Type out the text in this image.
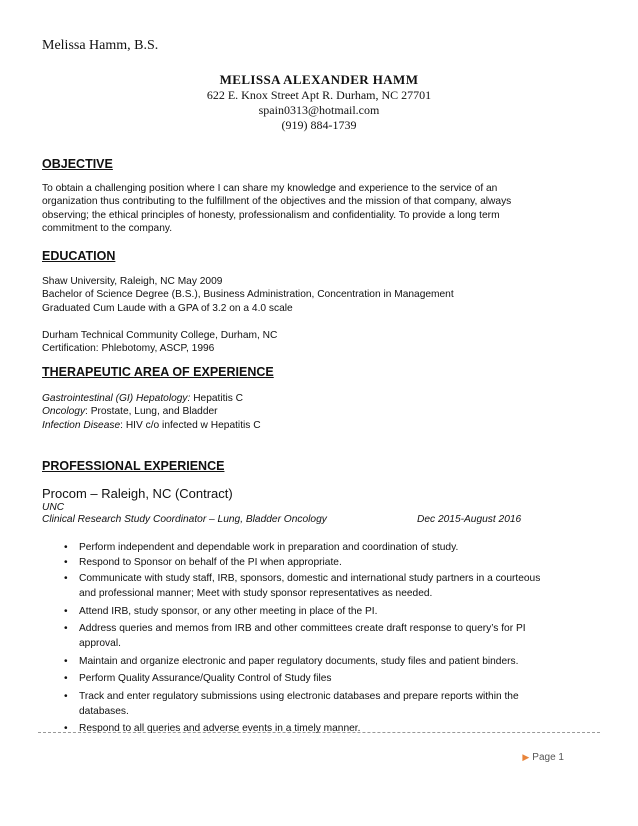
Melissa Hamm, B.S.
MELISSA ALEXANDER HAMM
622 E. Knox Street Apt R. Durham, NC 27701
spain0313@hotmail.com
(919) 884-1739

OBJECTIVE

To obtain a challenging position where I can share my knowledge and experience to the service of an
organization thus contributing to the fulfillment of the objectives and the mission of that company, always
observing; the ethical principles of honesty, professionalism and confidentiality. To provide a long term
commitment to the company.

EDUCATION

Shaw University, Raleigh, NC May 2009
Bachelor of Science Degree (B.S.), Business Administration, Concentration in Management
Graduated Cum Laude with a GPA of 3.2 on a 4.0 scale

Durham Technical Community College, Durham, NC
Certification: Phlebotomy, ASCP, 1996

THERAPEUTIC AREA OF EXPERIENCE

Gastrointestinal (GI) Hepatology: Hepatitis C
Oncology: Prostate, Lung, and Bladder
Infection Disease: HIV c/o infected w Hepatitis C

PROFESSIONAL EXPERIENCE

Procom – Raleigh, NC (Contract)
UNC
Clinical Research Study Coordinator – Lung, Bladder Oncology	Dec 2015-August 2016
• Perform independent and dependable work in preparation and coordination of study.
• Respond to Sponsor on behalf of the PI when appropriate.
• Communicate with study staff, IRB, sponsors, domestic and international study partners in a courteous and professional manner; Meet with study sponsor representatives as needed.
• Attend IRB, study sponsor, or any other meeting in place of the PI.
• Address queries and memos from IRB and other committees create draft response to query’s for PI approval.
• Maintain and organize electronic and paper regulatory documents, study files and patient binders.
• Perform Quality Assurance/Quality Control of Study files
• Track and enter regulatory submissions using electronic databases and prepare reports within the databases.
• Respond to all queries and adverse events in a timely manner.
▶ Page 1
